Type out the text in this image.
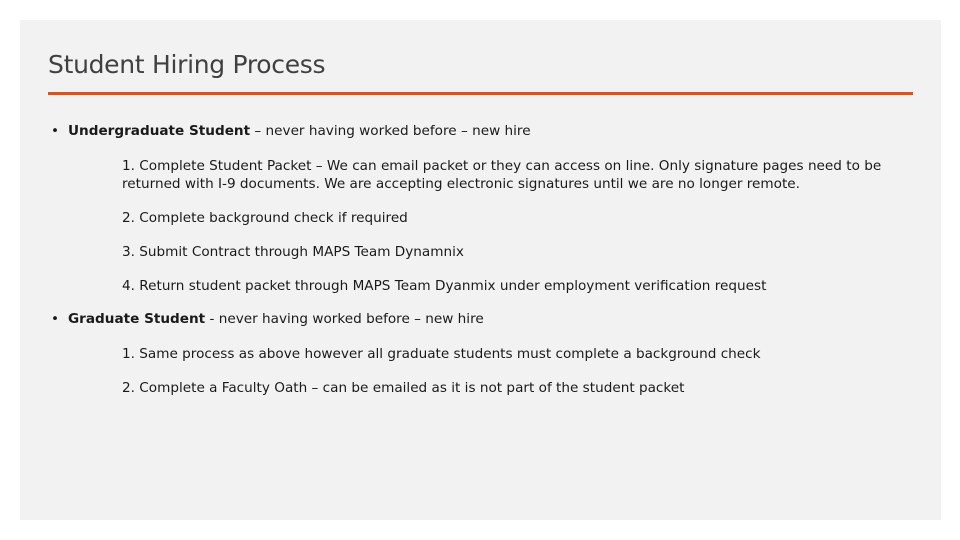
Student Hiring Process
• Undergraduate Student – never having worked before – new hire
1. Complete Student Packet – We can email packet or they can access on line. Only signature pages need to be returned with I-9 documents. We are accepting electronic signatures until we are no longer remote.
2. Complete background check if required
3. Submit Contract through MAPS Team Dynamnix
4. Return student packet through MAPS Team Dyanmix under employment verification request
• Graduate Student - never having worked before – new hire
1. Same process as above however all graduate students must complete a background check
2. Complete a Faculty Oath – can be emailed as it is not part of the student packet
